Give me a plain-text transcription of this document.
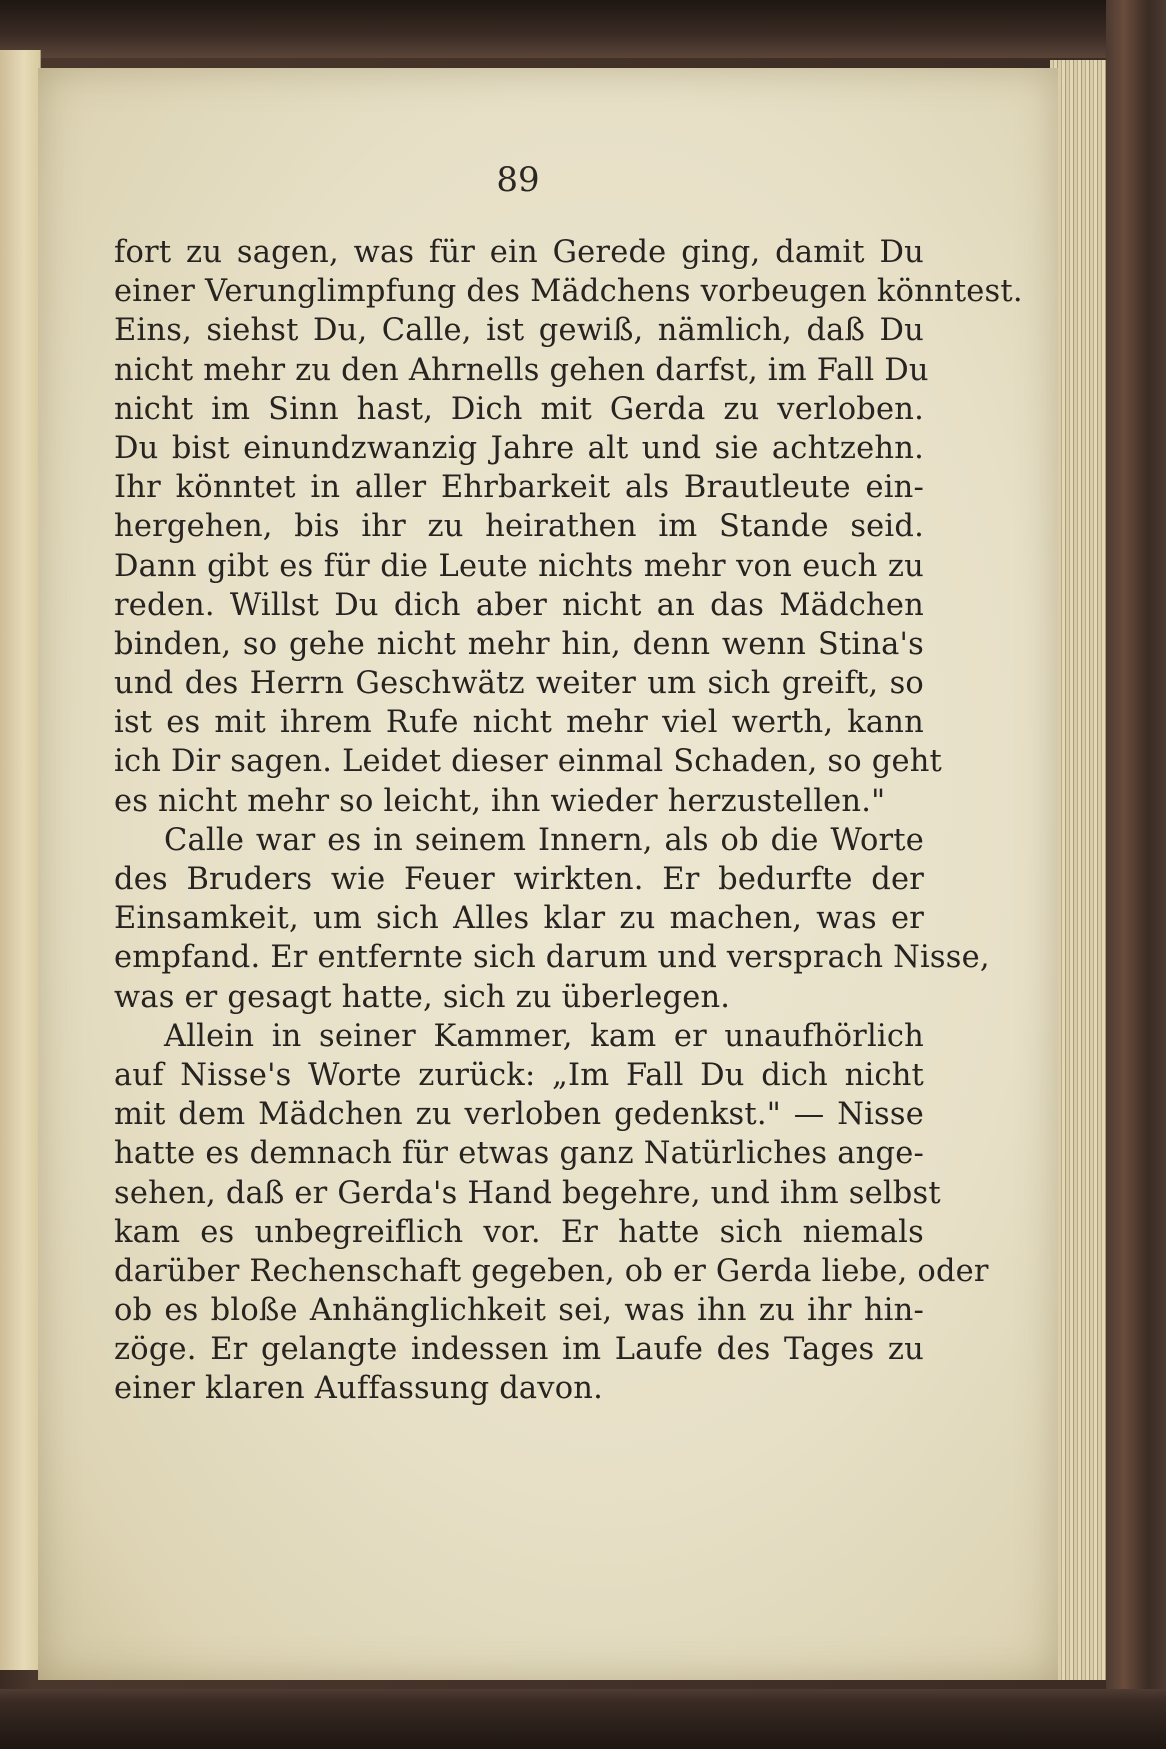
89

fort zu sagen, was für ein Gerede ging, damit Du
einer Verunglimpfung des Mädchens vorbeugen könntest.
Eins, siehst Du, Calle, ist gewiß, nämlich, daß Du
nicht mehr zu den Ahrnells gehen darfst, im Fall Du
nicht im Sinn hast, Dich mit Gerda zu verloben.
Du bist einundzwanzig Jahre alt und sie achtzehn.
Ihr könntet in aller Ehrbarkeit als Brautleute ein-
hergehen, bis ihr zu heirathen im Stande seid.
Dann gibt es für die Leute nichts mehr von euch zu
reden. Willst Du dich aber nicht an das Mädchen
binden, so gehe nicht mehr hin, denn wenn Stina's
und des Herrn Geschwätz weiter um sich greift, so
ist es mit ihrem Rufe nicht mehr viel werth, kann
ich Dir sagen. Leidet dieser einmal Schaden, so geht
es nicht mehr so leicht, ihn wieder herzustellen."
Calle war es in seinem Innern, als ob die Worte
des Bruders wie Feuer wirkten. Er bedurfte der
Einsamkeit, um sich Alles klar zu machen, was er
empfand. Er entfernte sich darum und versprach Nisse,
was er gesagt hatte, sich zu überlegen.
Allein in seiner Kammer, kam er unaufhörlich
auf Nisse's Worte zurück: „Im Fall Du dich nicht
mit dem Mädchen zu verloben gedenkst." — Nisse
hatte es demnach für etwas ganz Natürliches ange-
sehen, daß er Gerda's Hand begehre, und ihm selbst
kam es unbegreiflich vor. Er hatte sich niemals
darüber Rechenschaft gegeben, ob er Gerda liebe, oder
ob es bloße Anhänglichkeit sei, was ihn zu ihr hin-
zöge. Er gelangte indessen im Laufe des Tages zu
einer klaren Auffassung davon.
